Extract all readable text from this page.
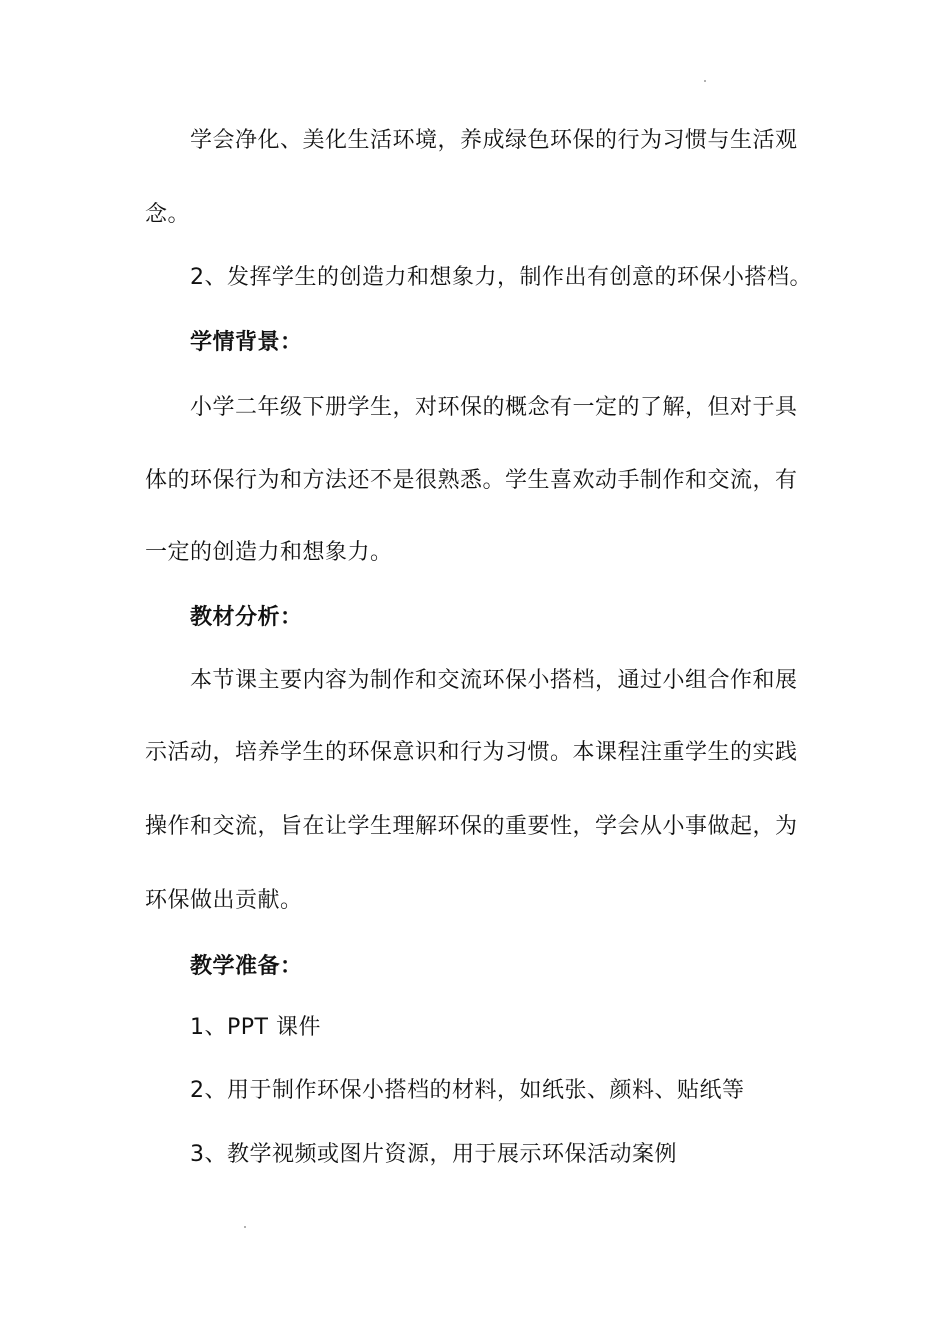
学会净化、美化生活环境，养成绿色环保的行为习惯与生活观
念。
2、发挥学生的创造力和想象力，制作出有创意的环保小搭档。
学情背景：
小学二年级下册学生，对环保的概念有一定的了解，但对于具
体的环保行为和方法还不是很熟悉。学生喜欢动手制作和交流，有
一定的创造力和想象力。
教材分析：
本节课主要内容为制作和交流环保小搭档，通过小组合作和展
示活动，培养学生的环保意识和行为习惯。本课程注重学生的实践
操作和交流，旨在让学生理解环保的重要性，学会从小事做起，为
环保做出贡献。
教学准备：
1、PPT 课件
2、用于制作环保小搭档的材料，如纸张、颜料、贴纸等
3、教学视频或图片资源，用于展示环保活动案例
